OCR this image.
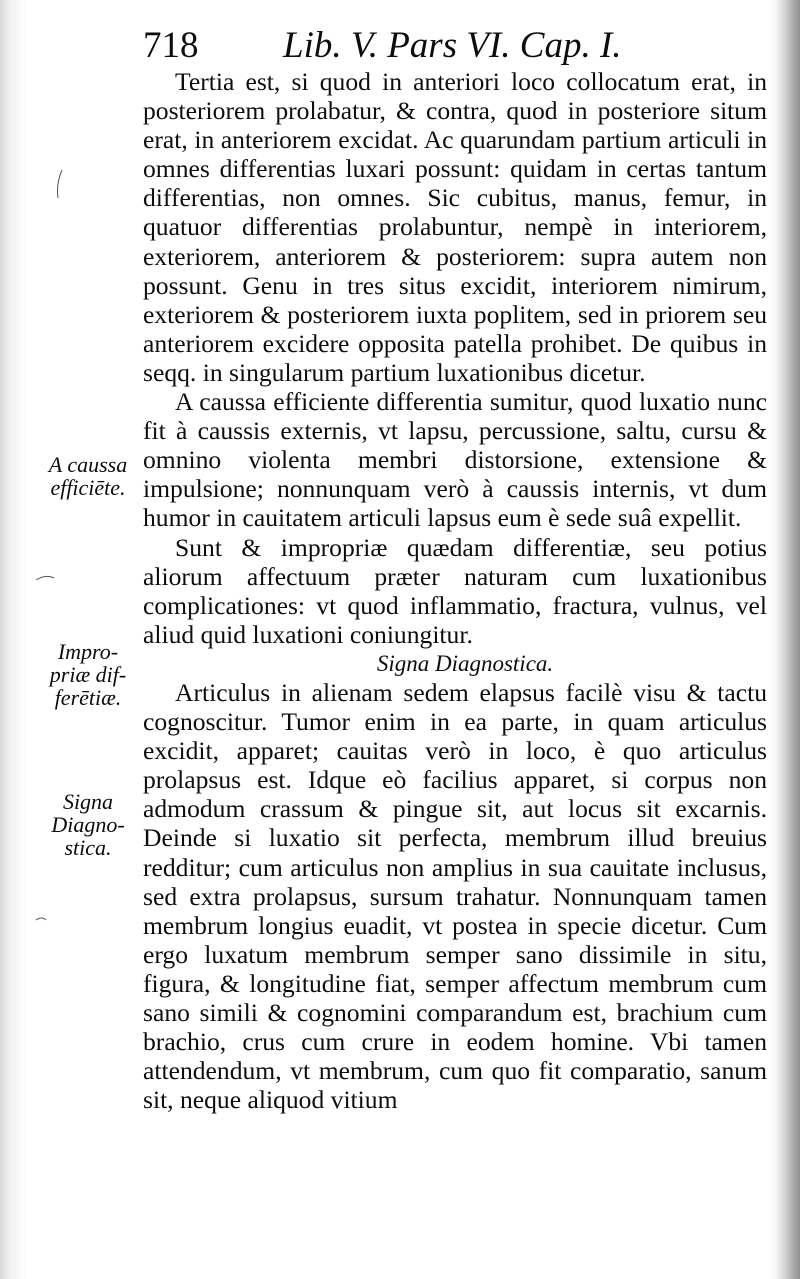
718 Lib. V. Pars VI. Cap. I.
A caussa
efficiēte.
Impro-
priæ dif-
ferētiæ.
Signa
Diagno-
stica.

Tertia est, si quod in anteriori loco collocatum erat, in posteriorem prolabatur, & contra, quod in posteriore situm erat, in anteriorem excidat. Ac quarundam partium articuli in omnes differentias luxari possunt: quidam in certas tantum differentias, non omnes. Sic cubitus, manus, femur, in quatuor differentias prolabuntur, nempè in interiorem, exteriorem, anteriorem & posteriorem: supra autem non possunt. Genu in tres situs excidit, interiorem nimirum, exteriorem & posteriorem iuxta poplitem, sed in priorem seu anteriorem excidere opposita patella prohibet. De quibus in seqq. in singularum partium luxationibus dicetur.

A caussa efficiente differentia sumitur, quod luxatio nunc fit à caussis externis, vt lapsu, percussione, saltu, cursu & omnino violenta membri distorsione, extensione & impulsione; nonnunquam verò à caussis internis, vt dum humor in cauitatem articuli lapsus eum è sede suâ expellit.

Sunt & impropriæ quædam differentiæ, seu potius aliorum affectuum præter naturam cum luxationibus complicationes: vt quod inflammatio, fractura, vulnus, vel aliud quid luxationi coniungitur.

Signa Diagnostica.

Articulus in alienam sedem elapsus facilè visu & tactu cognoscitur. Tumor enim in ea parte, in quam articulus excidit, apparet; cauitas verò in loco, è quo articulus prolapsus est. Idque eò facilius apparet, si corpus non admodum crassum & pingue sit, aut locus sit excarnis. Deinde si luxatio sit perfecta, membrum illud breuius redditur; cum articulus non amplius in sua cauitate inclusus, sed extra prolapsus, sursum trahatur. Nonnunquam tamen membrum longius euadit, vt postea in specie dicetur. Cum ergo luxatum membrum semper sano dissimile in situ, figura, & longitudine fiat, semper affectum membrum cum sano simili & cognomini comparandum est, brachium cum brachio, crus cum crure in eodem homine. Vbi tamen attendendum, vt membrum, cum quo fit comparatio, sanum sit, neque aliquod vitium
